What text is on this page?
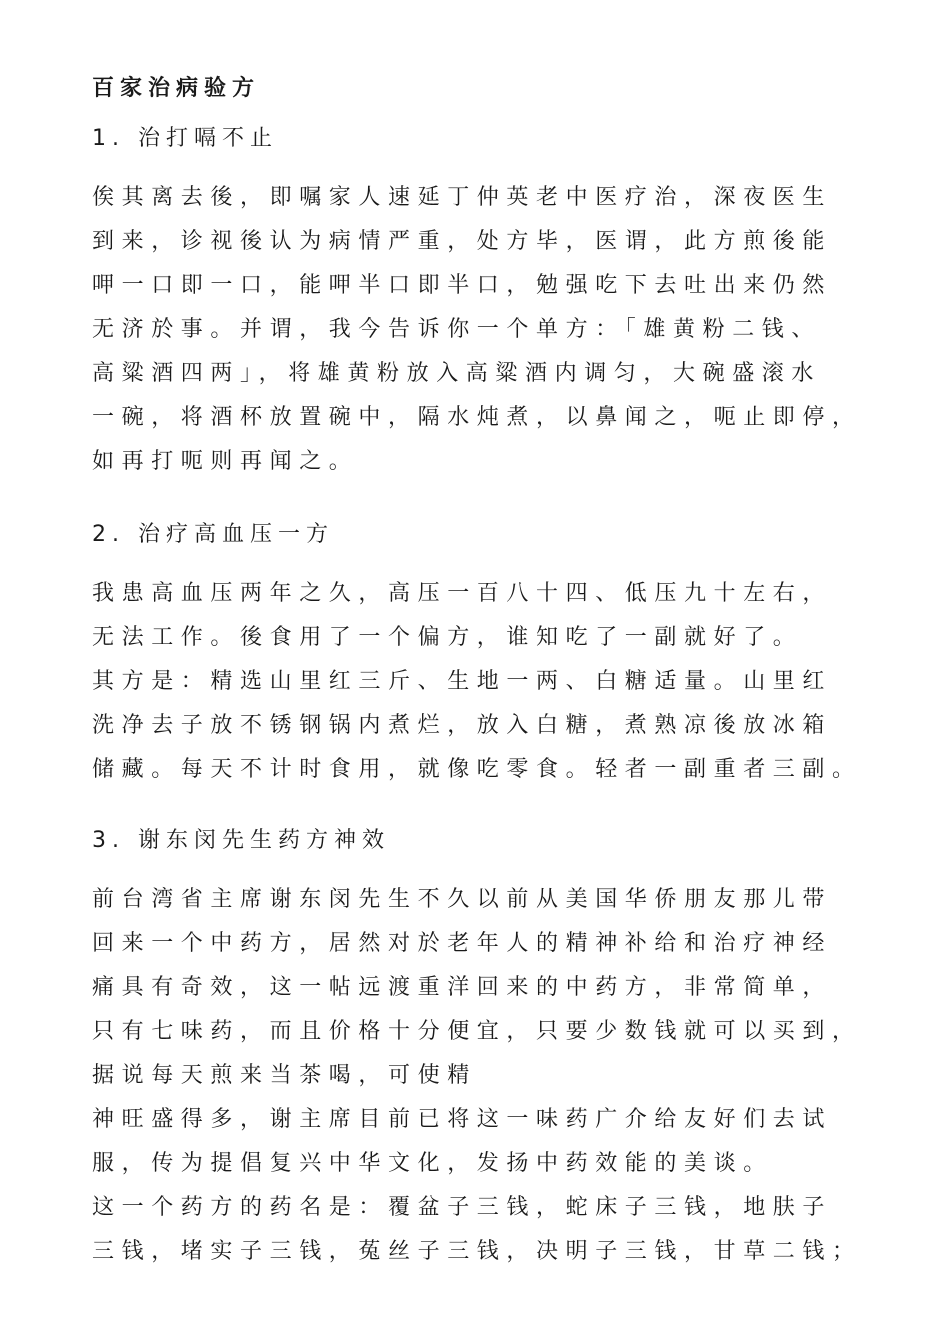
百家治病验方
1. 治打嗝不止
俟其离去後，即嘱家人速延丁仲英老中医疗治，深夜医生
到来，诊视後认为病情严重，处方毕，医谓，此方煎後能
呷一口即一口，能呷半口即半口，勉强吃下去吐出来仍然
无济於事。并谓，我今告诉你一个单方：「雄黄粉二钱、
高粱酒四两」，将雄黄粉放入高粱酒内调匀，大碗盛滚水
一碗，将酒杯放置碗中，隔水炖煮，以鼻闻之，呃止即停，
如再打呃则再闻之。
2. 治疗高血压一方
我患高血压两年之久，高压一百八十四、低压九十左右，
无法工作。後食用了一个偏方，谁知吃了一副就好了。
其方是：精选山里红三斤、生地一两、白糖适量。山里红
洗净去子放不锈钢锅内煮烂，放入白糖，煮熟凉後放冰箱
储藏。每天不计时食用，就像吃零食。轻者一副重者三副。
3. 谢东闵先生药方神效
前台湾省主席谢东闵先生不久以前从美国华侨朋友那儿带
回来一个中药方，居然对於老年人的精神补给和治疗神经
痛具有奇效，这一帖远渡重洋回来的中药方，非常简单，
只有七味药，而且价格十分便宜，只要少数钱就可以买到，
据说每天煎来当茶喝，可使精
神旺盛得多，谢主席目前已将这一味药广介给友好们去试
服，传为提倡复兴中华文化，发扬中药效能的美谈。
这一个药方的药名是：覆盆子三钱，蛇床子三钱，地肤子
三钱，堵实子三钱，菟丝子三钱，决明子三钱，甘草二钱；
